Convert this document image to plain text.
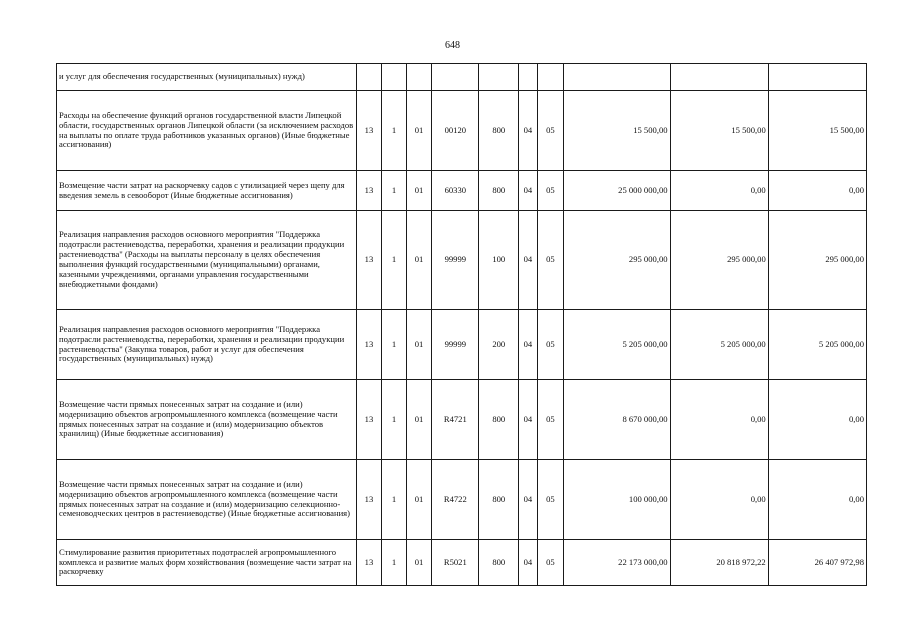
648
и услуг для обеспечения государственных (муниципальных) нужд)										
Расходы на обеспечение функций органов государственной власти Липецкой области, государственных органов Липецкой области (за исключением расходов на выплаты по оплате труда работников указанных органов) (Иные бюджетные ассигнования)	13	1	01	00120	800	04	05	15 500,00	15 500,00	15 500,00
Возмещение части затрат на раскорчевку садов с утилизацией через щепу для введения земель в севооборот (Иные бюджетные ассигнования)	13	1	01	60330	800	04	05	25 000 000,00	0,00	0,00
Реализация направления расходов основного мероприятия "Поддержка подотрасли растениеводства, переработки, хранения и реализации продукции растениеводства" (Расходы на выплаты персоналу в целях обеспечения выполнения функций государственными (муниципальными) органами, казенными учреждениями, органами управления государственными внебюджетными фондами)	13	1	01	99999	100	04	05	295 000,00	295 000,00	295 000,00
Реализация направления расходов основного мероприятия "Поддержка подотрасли растениеводства, переработки, хранения и реализации продукции растениеводства" (Закупка товаров, работ и услуг для обеспечения государственных (муниципальных) нужд)	13	1	01	99999	200	04	05	5 205 000,00	5 205 000,00	5 205 000,00
Возмещение части прямых понесенных затрат на создание и (или) модернизацию объектов агропромышленного комплекса (возмещение части прямых понесенных затрат на создание и (или) модернизацию объектов хранилищ) (Иные бюджетные ассигнования)	13	1	01	R4721	800	04	05	8 670 000,00	0,00	0,00
Возмещение части прямых понесенных затрат на создание и (или) модернизацию объектов агропромышленного комплекса (возмещение части прямых понесенных затрат на создание и (или) модернизацию селекционно-семеноводческих центров в растениеводстве) (Иные бюджетные ассигнования)	13	1	01	R4722	800	04	05	100 000,00	0,00	0,00
Стимулирование развития приоритетных подотраслей агропромышленного комплекса и развитие малых форм хозяйствования (возмещение части затрат на раскорчевку	13	1	01	R5021	800	04	05	22 173 000,00	20 818 972,22	26 407 972,98
